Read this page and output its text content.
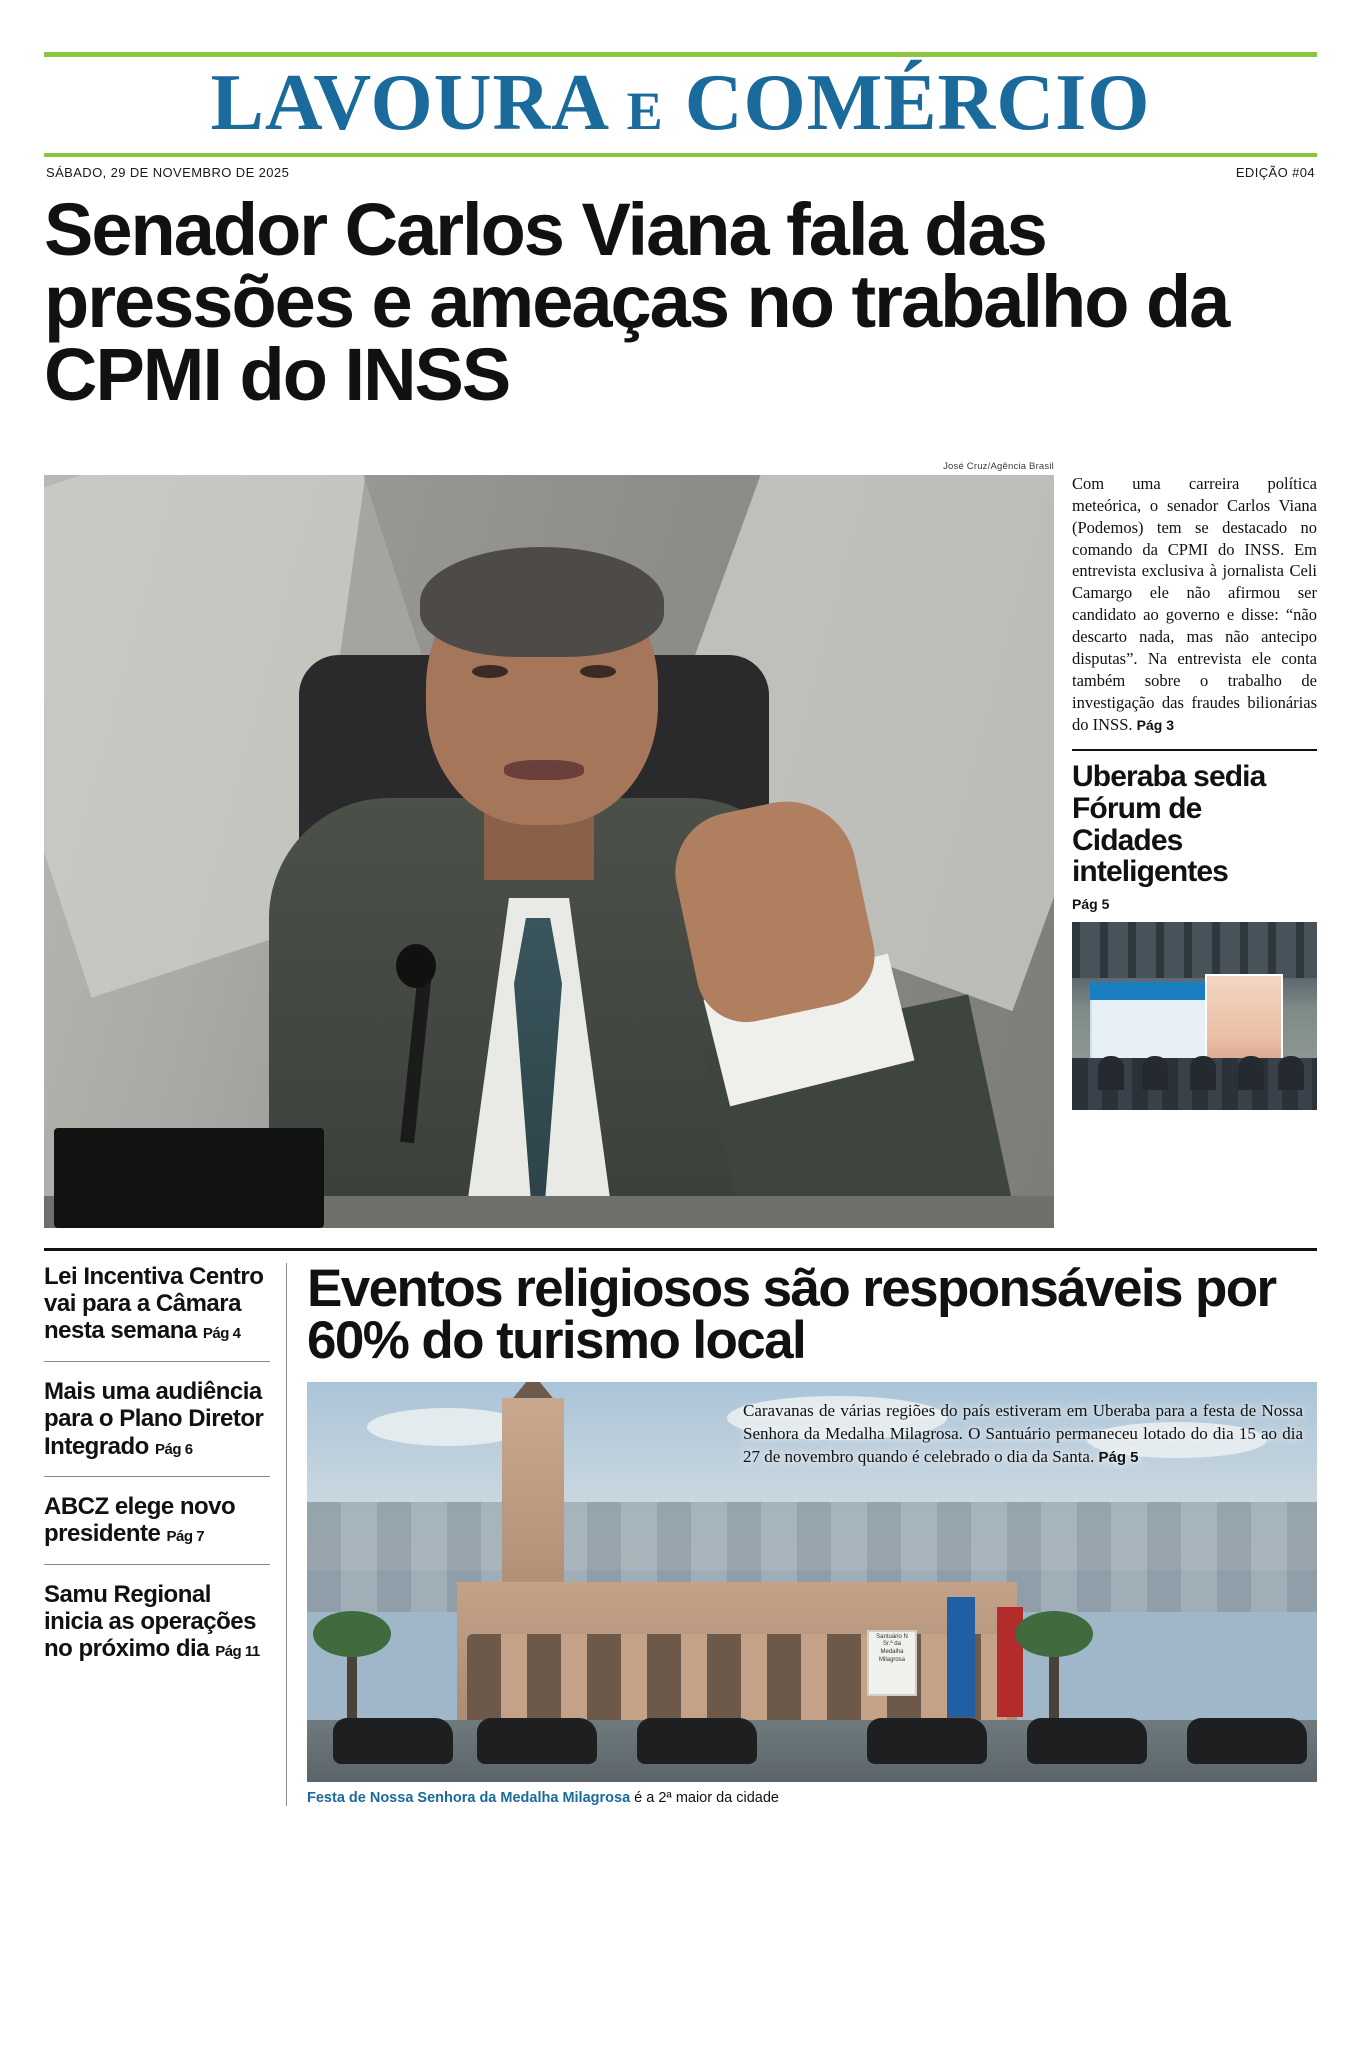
LAVOURA E COMÉRCIO
SÁBADO, 29 DE NOVEMBRO DE 2025	EDIÇÃO #04
Senador Carlos Viana fala das pressões e ameaças no trabalho da CPMI do INSS
José Cruz/Agência Brasil
Com uma carreira política meteórica, o senador Carlos Viana (Podemos) tem se destacado no comando da CPMI do INSS. Em entrevista exclusiva à jornalista Celi Camargo ele não afirmou ser candidato ao governo e disse: “não descarto nada, mas não antecipo disputas”. Na entrevista ele conta também sobre o trabalho de investigação das fraudes bilionárias do INSS. Pág 3
Uberaba sedia Fórum de Cidades inteligentes
Pág 5
Lei Incentiva Centro vai para a Câmara nesta semana Pág 4
Mais uma audiência para o Plano Diretor Integrado Pág 6
ABCZ elege novo presidente Pág 7
Samu Regional inicia as operações no próximo dia Pág 11
Eventos religiosos são responsáveis por 60% do turismo local
Santuário N Sr.ª da Medalha Milagrosa
Caravanas de várias regiões do país estiveram em Uberaba para a festa de Nossa Senhora da Medalha Milagrosa. O Santuário permaneceu lotado do dia 15 ao dia 27 de novembro quando é celebrado o dia da Santa. Pág 5
Festa de Nossa Senhora da Medalha Milagrosa é a 2ª maior da cidade
